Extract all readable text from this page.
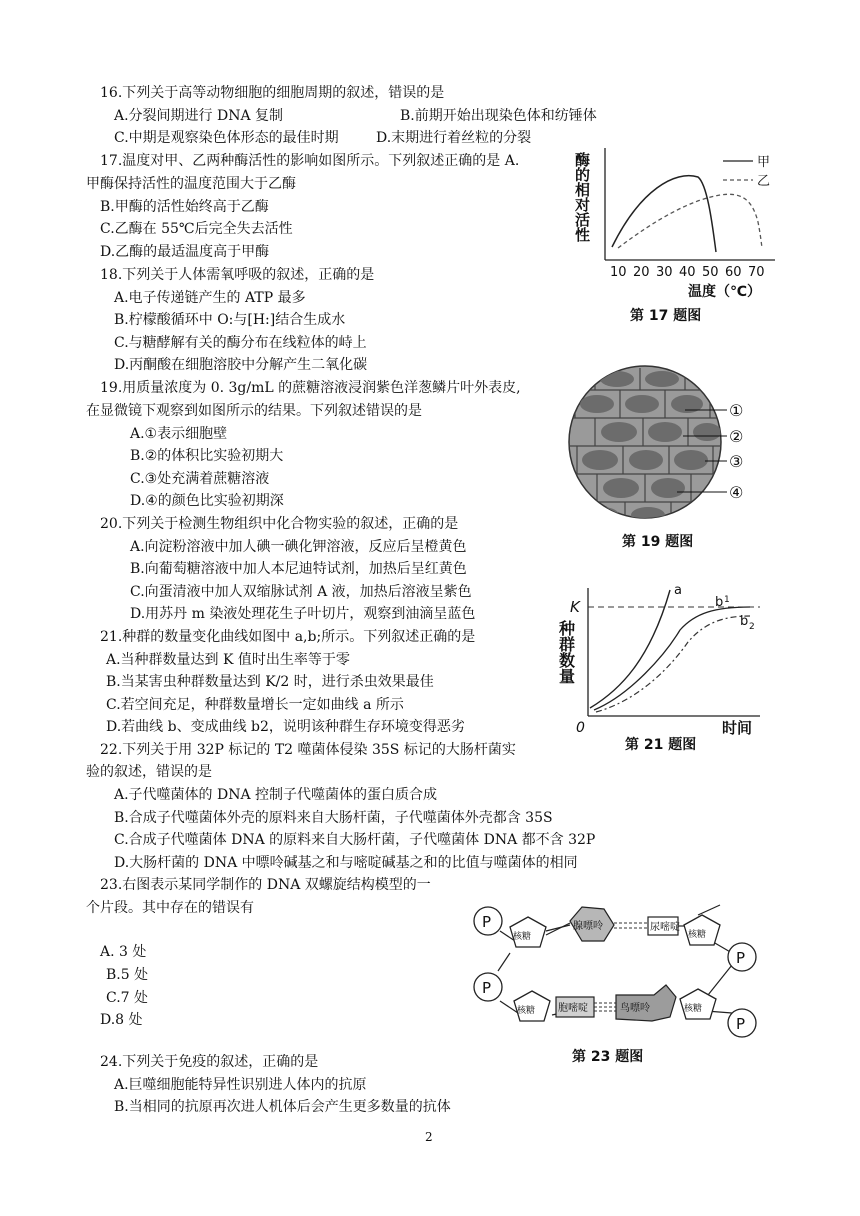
16.下列关于高等动物细胞的细胞周期的叙述，错误的是
A.分裂间期进行 DNA 复制	B.前期开始出现染色体和纺锤体
C.中期是观察染色体形态的最佳时期	D.末期进行着丝粒的分裂
17.温度对甲、乙两种酶活性的影响如图所示。下列叙述正确的是 A.
甲酶保持活性的温度范围大于乙酶
B.甲酶的活性始终高于乙酶
C.乙酶在 55℃后完全失去活性
D.乙酶的最适温度高于甲酶
酶的相对活性	甲
乙
10 20 30 40 50 60 70
温度（℃）
第 17 题图
18.下列关于人体需氧呼吸的叙述，正确的是
A.电子传递链产生的 ATP 最多
B.柠檬酸循环中 O:与[H:]结合生成水
C.与糖酵解有关的酶分布在线粒体的峙上
D.丙酮酸在细胞溶胶中分解产生二氧化碳
19.用质量浓度为 0. 3g/mL 的蔗糖溶液浸润紫色洋葱鳞片叶外表皮,
在显微镜下观察到如图所示的结果。下列叙述错误的是
A.①表示细胞壁
B.②的体积比实验初期大
C.③处充满着蔗糖溶液
D.④的颜色比实验初期深
①
②
③
④
第 19 题图
20.下列关于检测生物组织中化合物实验的叙述，正确的是
A.向淀粉溶液中加人碘一碘化钾溶液，反应后呈橙黄色
B.向葡萄糖溶液中加人本尼迪特试剂，加热后呈红黄色
C.向蛋清液中加人双缩脉试剂 A 液，加热后溶液呈紫色
D.用苏丹 m 染液处理花生子叶切片，观察到油滴呈蓝色
21.种群的数量变化曲线如图中 a,b;所示。下列叙述正确的是
A.当种群数量达到 K 值时出生率等于零
B.当某害虫种群数量达到 K/2 时，进行杀虫效果最佳
C.若空间充足，种群数量增长一定如曲线 a 所示
D.若曲线 b、变成曲线 b2，说明该种群生存环境变得恶劣
种群数量
K
0
a
b 1
b 2
时间
第 21 题图
22.下列关于用 32P 标记的 T2 噬菌体侵染 35S 标记的大肠杆菌实
验的叙述，错误的是
A.子代噬菌体的 DNA 控制子代噬菌体的蛋白质合成
B.合成子代噬菌体外壳的原料来自大肠杆菌，子代噬菌体外壳都含 35S
C.合成子代噬菌体 DNA 的原料来自大肠杆菌，子代噬菌体 DNA 都不含 32P
D.大肠杆菌的 DNA 中嘌呤碱基之和与嘧啶碱基之和的比值与噬菌体的相同
23.右图表示某同学制作的 DNA 双螺旋结构模型的一
个片段。其中存在的错误有
A. 3 处
B.5 处
C.7 处
D.8 处
P
P
P
P
核糖	核糖
核糖	核糖
腺嘌呤	尿嘧啶
胞嘧啶	鸟嘌呤
第 23 题图
24.下列关于免疫的叙述，正确的是
A.巨噬细胞能特异性识别进人体内的抗原
B.当相同的抗原再次进人机体后会产生更多数量的抗体
2
